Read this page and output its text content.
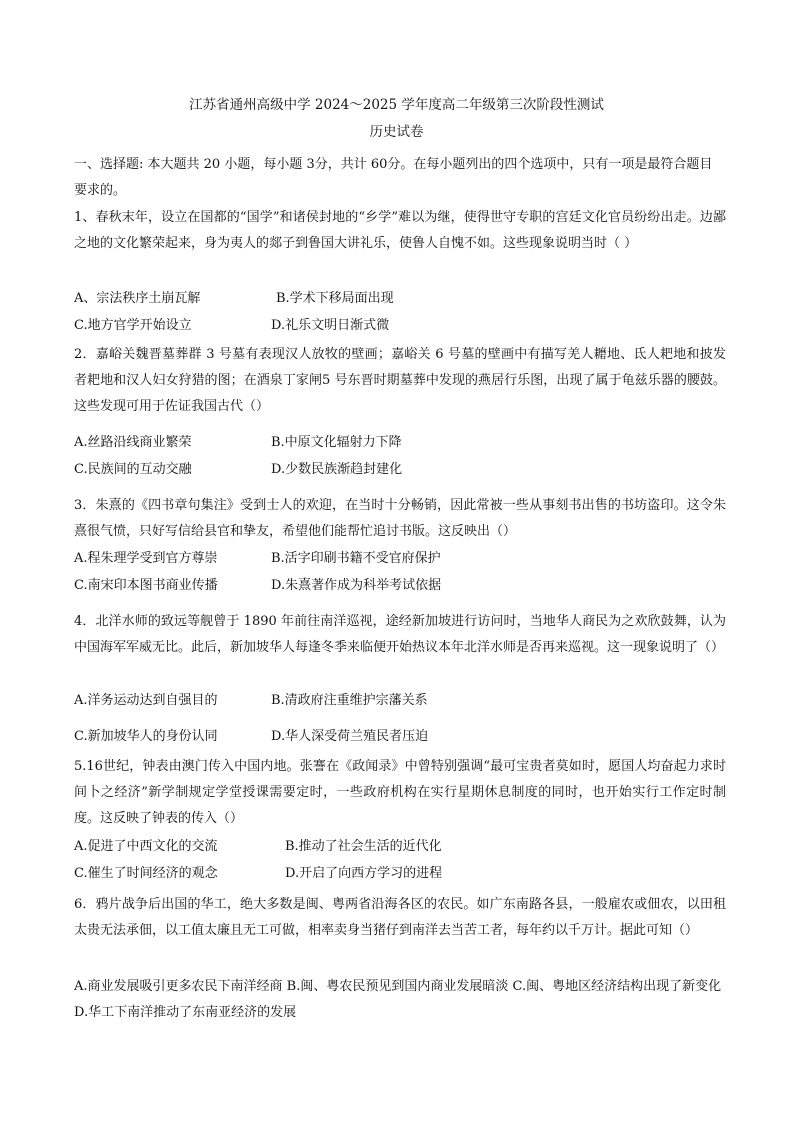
江苏省通州高级中学 2024～2025 学年度高二年级第三次阶段性测试
历史试卷
一、选择题: 本大题共 20 小题，每小题 3分，共计 60分。在每小题列出的四个选项中，只有一项是最符合题目要求的。
1、春秋末年，设立在国都的“国学”和诸侯封地的“乡学”难以为继，使得世守专职的宫廷文化官员纷纷出走。边鄙之地的文化繁荣起来，身为夷人的郯子到鲁国大讲礼乐，使鲁人自愧不如。这些现象说明当时（ ）
A、宗法秩序土崩瓦解	B.学术下移局面出现
C.地方官学开始设立	D.礼乐文明日渐式微
2．嘉峪关魏晋墓葬群 3 号墓有表现汉人放牧的壁画；嘉峪关 6 号墓的壁画中有描写羌人耱地、氐人耙地和披发者耙地和汉人妇女狩猎的图；在酒泉丁家闸5 号东晋时期墓葬中发现的燕居行乐图，出现了属于龟兹乐器的腰鼓。这些发现可用于佐证我国古代（）
A.丝路沿线商业繁荣	B.中原文化辐射力下降
C.民族间的互动交融	D.少数民族渐趋封建化
3．朱熹的《四书章句集注》受到士人的欢迎，在当时十分畅销，因此常被一些从事刻书出售的书坊盗印。这令朱熹很气愤，只好写信给县官和挚友，希望他们能帮忙追讨书版。这反映出（）
A.程朱理学受到官方尊崇	B.活字印刷书籍不受官府保护
C.南宋印本图书商业传播	D.朱熹著作成为科举考试依据
4．北洋水师的致远等舰曾于 1890 年前往南洋巡视，途经新加坡进行访问时，当地华人商民为之欢欣鼓舞，认为中国海军军威无比。此后，新加坡华人每逢冬季来临便开始热议本年北洋水师是否再来巡视。这一现象说明了（）
A.洋务运动达到自强目的	B.清政府注重维护宗藩关系
C.新加坡华人的身份认同	D.华人深受荷兰殖民者压迫
5.16世纪，钟表由澳门传入中国内地。张謇在《政闻录》中曾特别强调“最可宝贵者莫如时，愿国人均奋起力求时间卜之经济”新学制规定学堂授课需要定时，一些政府机构在实行星期休息制度的同时，也开始实行工作定时制度。这反映了钟表的传入（）
A.促进了中西文化的交流	B.推动了社会生活的近代化
C.催生了时间经济的观念	D.开启了向西方学习的进程
6．鸦片战争后出国的华工，绝大多数是闽、粤两省沿海各区的农民。如广东南路各县，一般雇农或佃农，以田租太贵无法承佃，以工值太廉且无工可做，相率卖身当猪仔到南洋去当苦工者，每年约以千万计。据此可知（）
A.商业发展吸引更多农民下南洋经商 B.闽、粤农民预见到国内商业发展暗淡 C.闽、粤地区经济结构出现了新变化 D.华工下南洋推动了东南亚经济的发展
